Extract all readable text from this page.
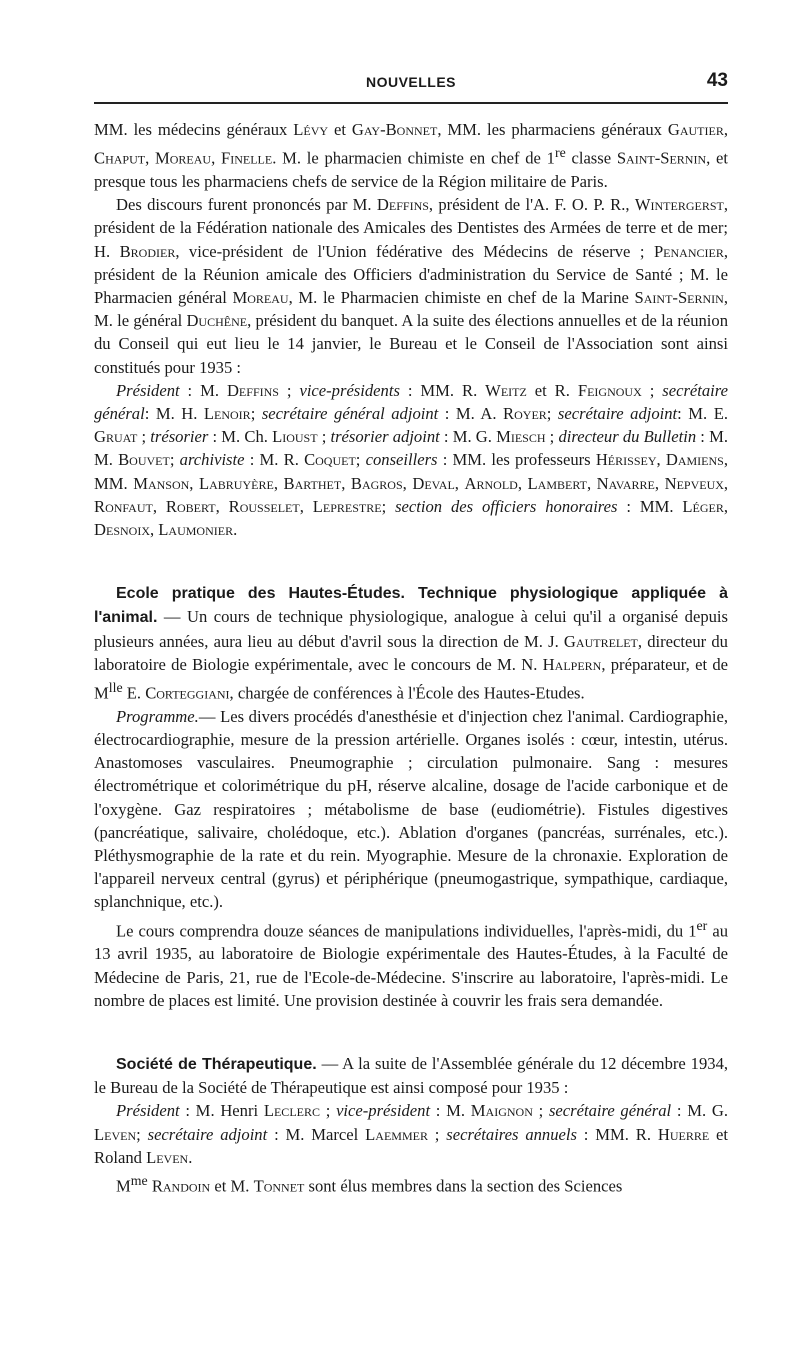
NOUVELLES	43

MM. les médecins généraux Lévy et Gay-Bonnet, MM. les pharmaciens généraux Gautier, Chaput, Moreau, Finelle. M. le pharmacien chimiste en chef de 1re classe Saint-Sernin, et presque tous les pharmaciens chefs de service de la Région militaire de Paris.

Des discours furent prononcés par M. Deffins, président de l'A. F. O. P. R., Wintergerst, président de la Fédération nationale des Amicales des Dentistes des Armées de terre et de mer; H. Brodier, vice-président de l'Union fédérative des Médecins de réserve ; Penancier, président de la Réunion amicale des Officiers d'administration du Service de Santé ; M. le Pharmacien général Moreau, M. le Pharmacien chimiste en chef de la Marine Saint-Sernin, M. le général Duchêne, président du banquet. A la suite des élections annuelles et de la réunion du Conseil qui eut lieu le 14 janvier, le Bureau et le Conseil de l'Association sont ainsi constitués pour 1935 :

Président : M. Deffins ; vice-présidents : MM. R. Weitz et R. Feignoux ; secrétaire général: M. H. Lenoir; secrétaire général adjoint : M. A. Royer; secrétaire adjoint: M. E. Gruat ; trésorier : M. Ch. Lioust ; trésorier adjoint : M. G. Miesch ; directeur du Bulletin : M. M. Bouvet; archiviste : M. R. Coquet; conseillers : MM. les professeurs Hérissey, Damiens, MM. Manson, Labruyère, Barthet, Bagros, Deval, Arnold, Lambert, Navarre, Nepveux, Ronfaut, Robert, Rousselet, Leprestre; section des officiers honoraires : MM. Léger, Desnoix, Laumonier.

Ecole pratique des Hautes-Études. Technique physiologique appliquée à l'animal. — Un cours de technique physiologique, analogue à celui qu'il a organisé depuis plusieurs années, aura lieu au début d'avril sous la direction de M. J. Gautrelet, directeur du laboratoire de Biologie expérimentale, avec le concours de M. N. Halpern, préparateur, et de $M^{lle}$ E. Corteggiani, chargée de conférences à l'École des Hautes-Etudes.

Programme.— Les divers procédés d'anesthésie et d'injection chez l'animal. Cardiographie, électrocardiographie, mesure de la pression artérielle. Organes isolés : cœur, intestin, utérus. Anastomoses vasculaires. Pneumographie ; circulation pulmonaire. Sang : mesures électrométrique et colorimétrique du pH, réserve alcaline, dosage de l'acide carbonique et de l'oxygène. Gaz respiratoires ; métabolisme de base (eudiométrie). Fistules digestives (pancréatique, salivaire, cholédoque, etc.). Ablation d'organes (pancréas, surrénales, etc.). Pléthysmographie de la rate et du rein. Myographie. Mesure de la chronaxie. Exploration de l'appareil nerveux central (gyrus) et périphérique (pneumogastrique, sympathique, cardiaque, splanchnique, etc.).

Le cours comprendra douze séances de manipulations individuelles, l'après-midi, du 1er au 13 avril 1935, au laboratoire de Biologie expérimentale des Hautes-Études, à la Faculté de Médecine de Paris, 21, rue de l'Ecole-de-Médecine. S'inscrire au laboratoire, l'après-midi. Le nombre de places est limité. Une provision destinée à couvrir les frais sera demandée.

Société de Thérapeutique. — A la suite de l'Assemblée générale du 12 décembre 1934, le Bureau de la Société de Thérapeutique est ainsi composé pour 1935 :

Président : M. Henri Leclerc ; vice-président : M. Maignon ; secrétaire général : M. G. Leven; secrétaire adjoint : M. Marcel Laemmer ; secrétaires annuels : MM. R. Huerre et Roland Leven.

$M^{me}$ Randoin et M. Tonnet sont élus membres dans la section des Sciences
